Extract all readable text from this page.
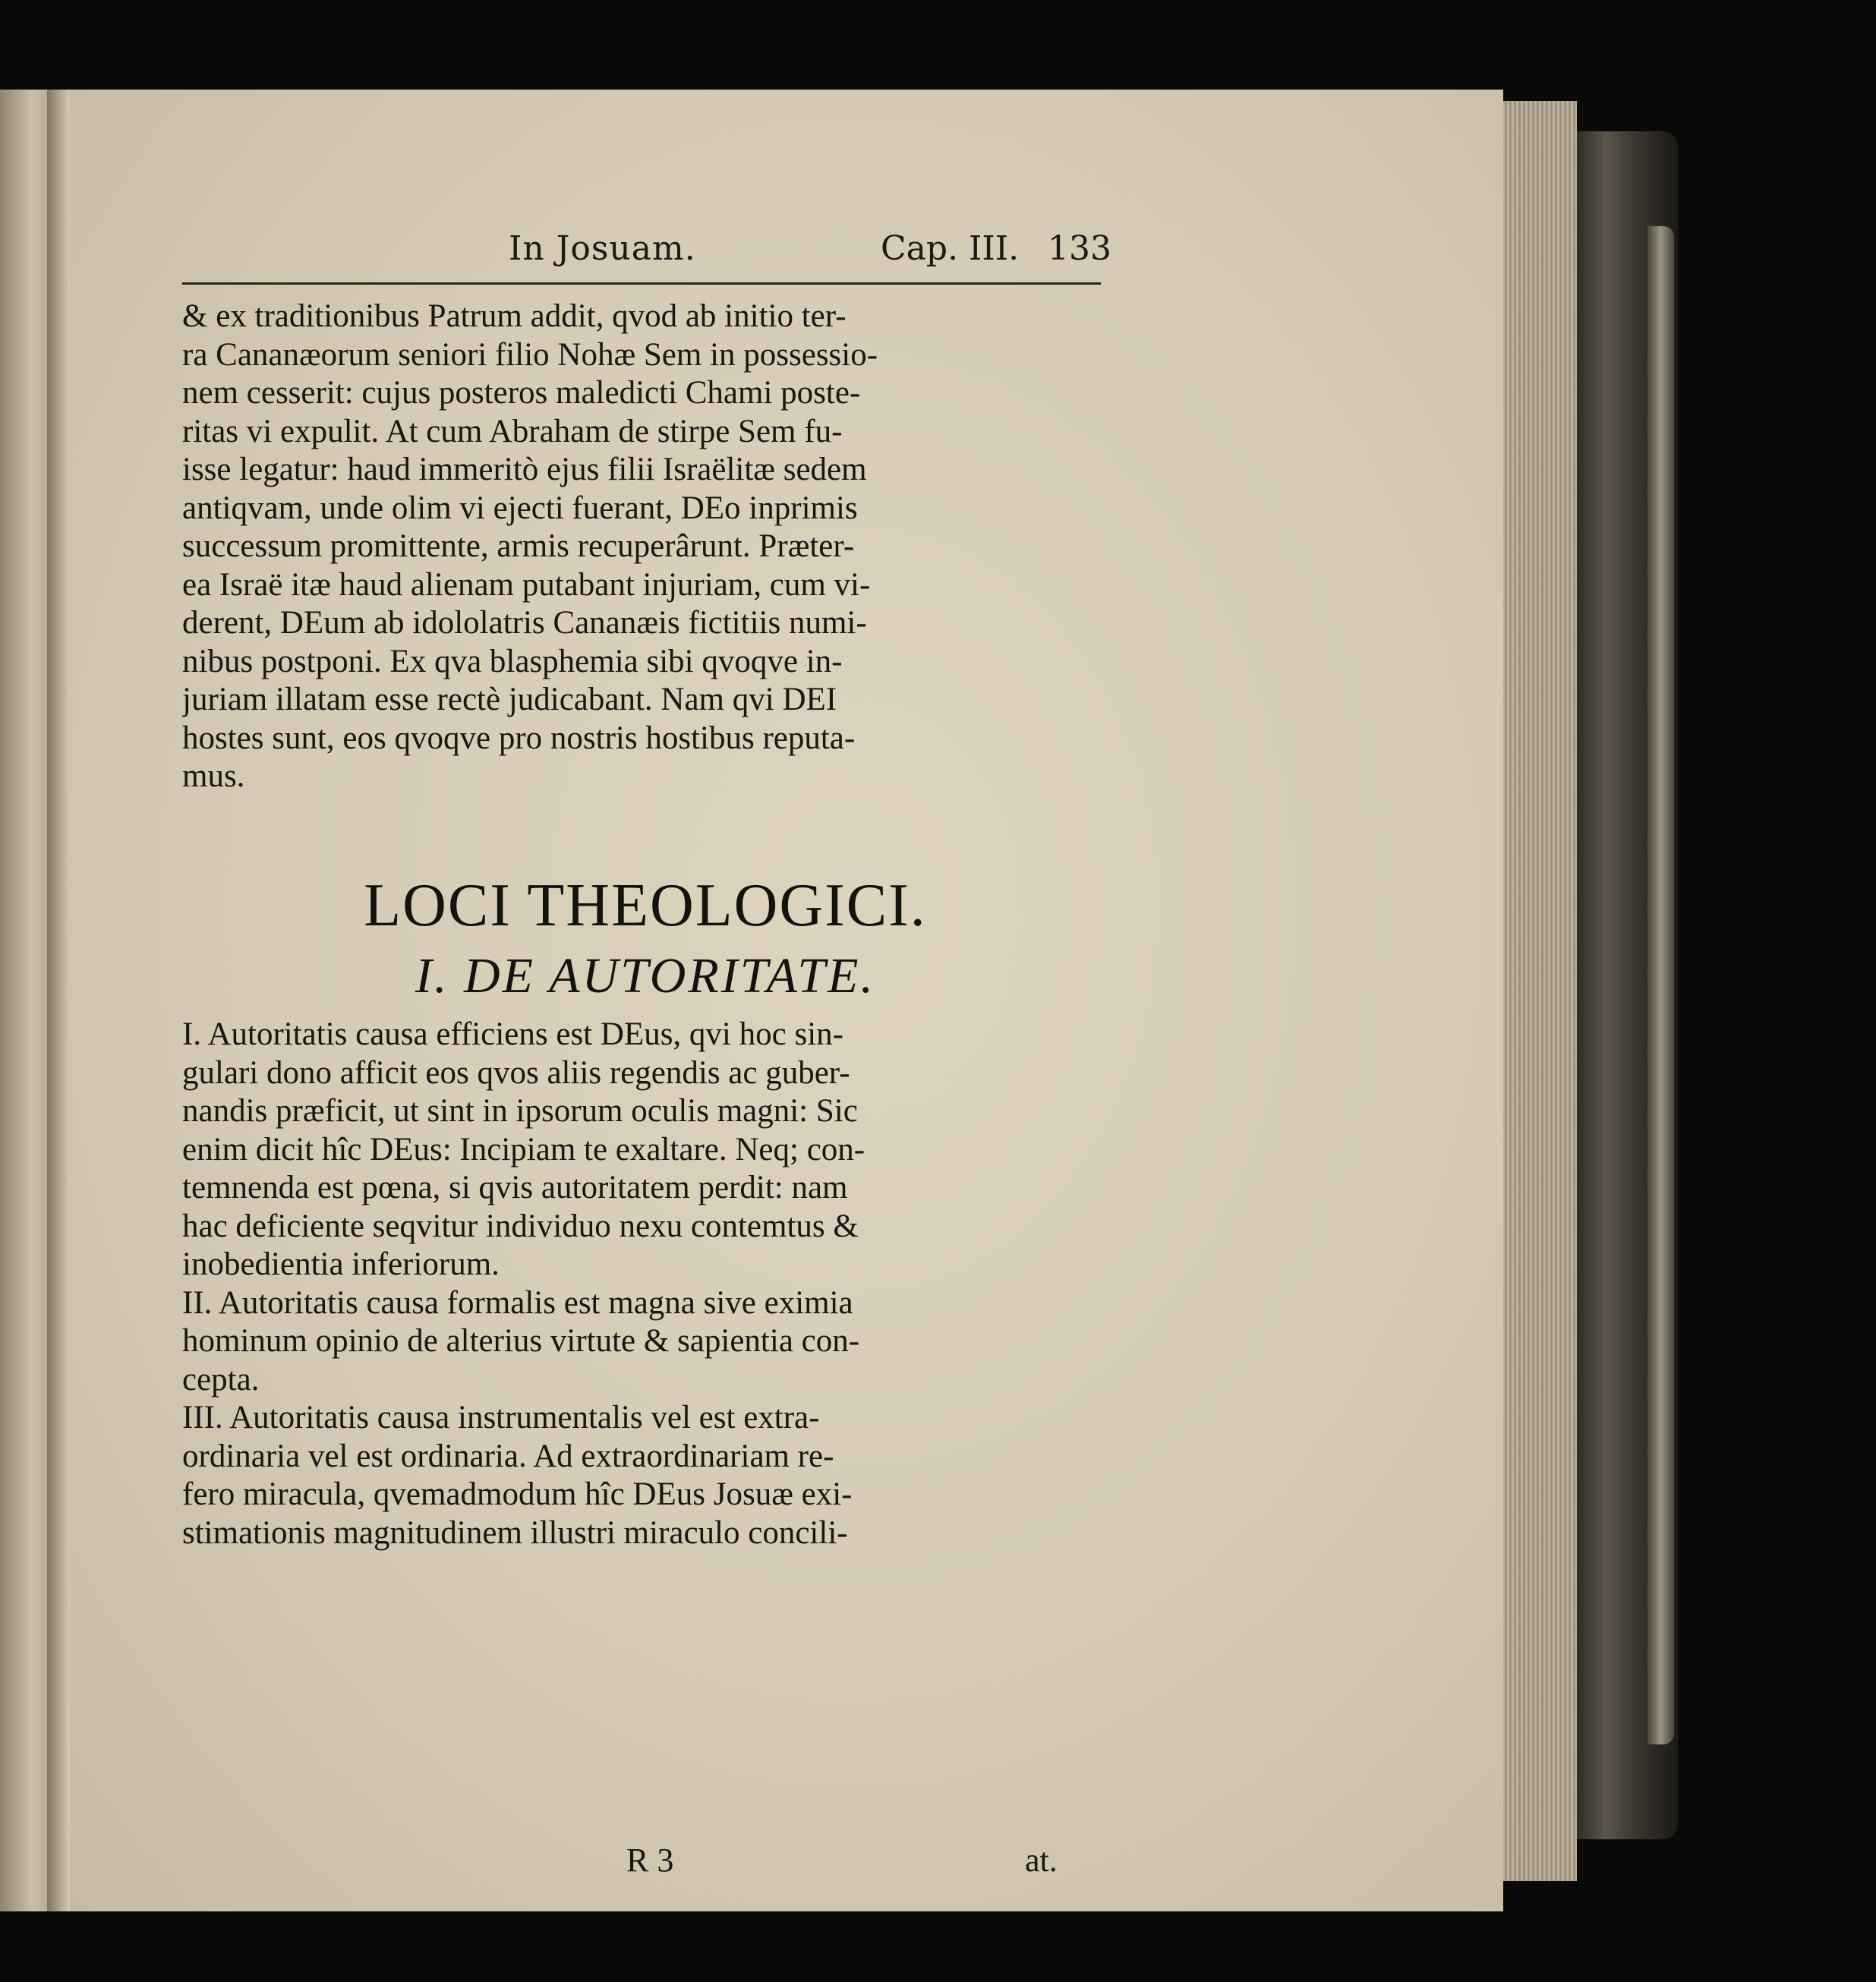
In Josuam.	Cap. III. 133
& ex traditionibus Patrum addit, qvod ab initio ter-
ra Cananæorum seniori filio Nohæ Sem in possessio-
nem cesserit: cujus posteros maledicti Chami poste-
ritas vi expulit. At cum Abraham de stirpe Sem fu-
isse legatur: haud immeritò ejus filii Israëlitæ sedem
antiqvam, unde olim vi ejecti fuerant, DEo inprimis
successum promittente, armis recuperârunt. Præter-
ea Israë itæ haud alienam putabant injuriam, cum vi-
derent, DEum ab idololatris Cananæis fictitiis numi-
nibus postponi. Ex qva blasphemia sibi qvoqve in-
juriam illatam esse rectè judicabant. Nam qvi DEI
hostes sunt, eos qvoqve pro nostris hostibus reputa-
mus.
LOCI THEOLOGICI.
I. DE AUTORITATE.
I. Autoritatis causa efficiens est DEus, qvi hoc sin-
gulari dono afficit eos qvos aliis regendis ac guber-
nandis præficit, ut sint in ipsorum oculis magni: Sic
enim dicit hîc DEus: Incipiam te exaltare. Neq; con-
temnenda est pœna, si qvis autoritatem perdit: nam
hac deficiente seqvitur individuo nexu contemtus &
inobedientia inferiorum.
II. Autoritatis causa formalis est magna sive eximia
hominum opinio de alterius virtute & sapientia con-
cepta.
III. Autoritatis causa instrumentalis vel est extra-
ordinaria vel est ordinaria. Ad extraordinariam re-
fero miracula, qvemadmodum hîc DEus Josuæ exi-
stimationis magnitudinem illustri miraculo concili-
R 3	at.
